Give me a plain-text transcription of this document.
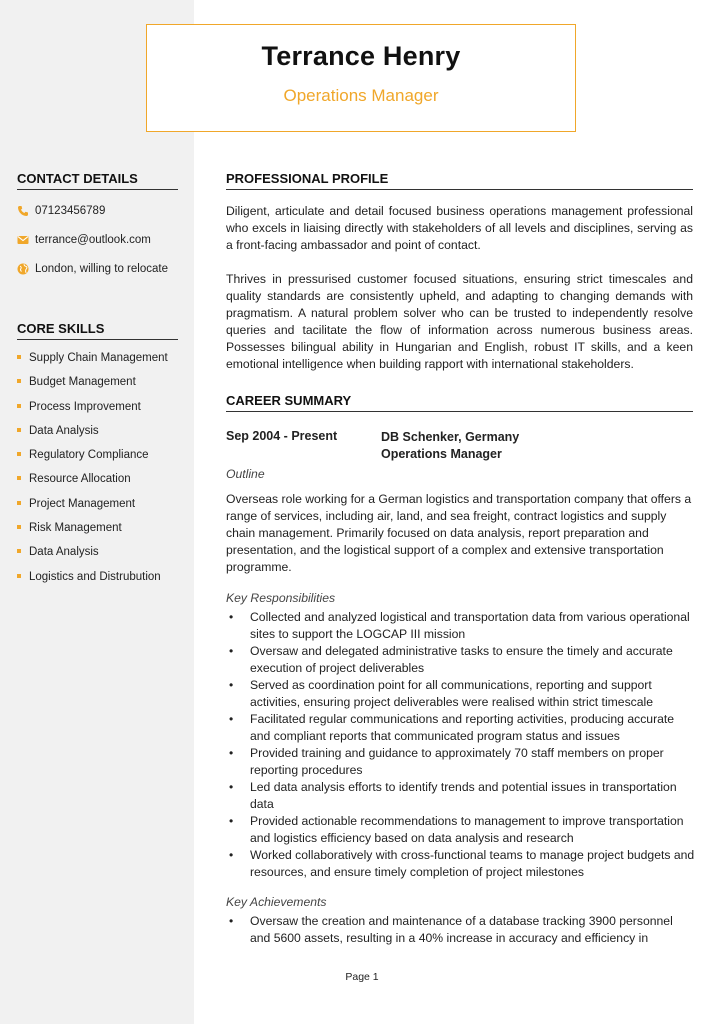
Terrance Henry
Operations Manager
CONTACT DETAILS
07123456789
terrance@outlook.com
London, willing to relocate
CORE SKILLS
Supply Chain Management
Budget Management
Process Improvement
Data Analysis
Regulatory Compliance
Resource Allocation
Project Management
Risk Management
Data Analysis
Logistics and Distrubution
PROFESSIONAL PROFILE

Diligent, articulate and detail focused business operations management professional who excels in liaising directly with stakeholders of all levels and disciplines, serving as a front-facing ambassador and point of contact.

Thrives in pressurised customer focused situations, ensuring strict timescales and quality standards are consistently upheld, and adapting to changing demands with pragmatism. A natural problem solver who can be trusted to independently resolve queries and tacilitate the flow of information across numerous business areas. Possesses bilingual ability in Hungarian and English, robust IT skills, and a keen emotional intelligence when building rapport with international stakeholders.

CAREER SUMMARY
Sep 2004 - Present	DB Schenker, Germany
Operations Manager
Outline

Overseas role working for a German logistics and transportation company that offers a range of services, including air, land, and sea freight, contract logistics and supply chain management. Primarily focused on data analysis, report preparation and presentation, and the logistical support of a complex and extensive transportation programme.

Key Responsibilities
• Collected and analyzed logistical and transportation data from various operational sites to support the LOGCAP III mission
• Oversaw and delegated administrative tasks to ensure the timely and accurate execution of project deliverables
• Served as coordination point for all communications, reporting and support activities, ensuring project deliverables were realised within strict timescale
• Facilitated regular communications and reporting activities, producing accurate and compliant reports that communicated program status and issues
• Provided training and guidance to approximately 70 staff members on proper reporting procedures
• Led data analysis efforts to identify trends and potential issues in transportation data
• Provided actionable recommendations to management to improve transportation and logistics efficiency based on data analysis and research
• Worked collaboratively with cross-functional teams to manage project budgets and resources, and ensure timely completion of project milestones
Key Achievements
• Oversaw the creation and maintenance of a database tracking 3900 personnel and 5600 assets, resulting in a 40% increase in accuracy and efficiency in
Page 1
